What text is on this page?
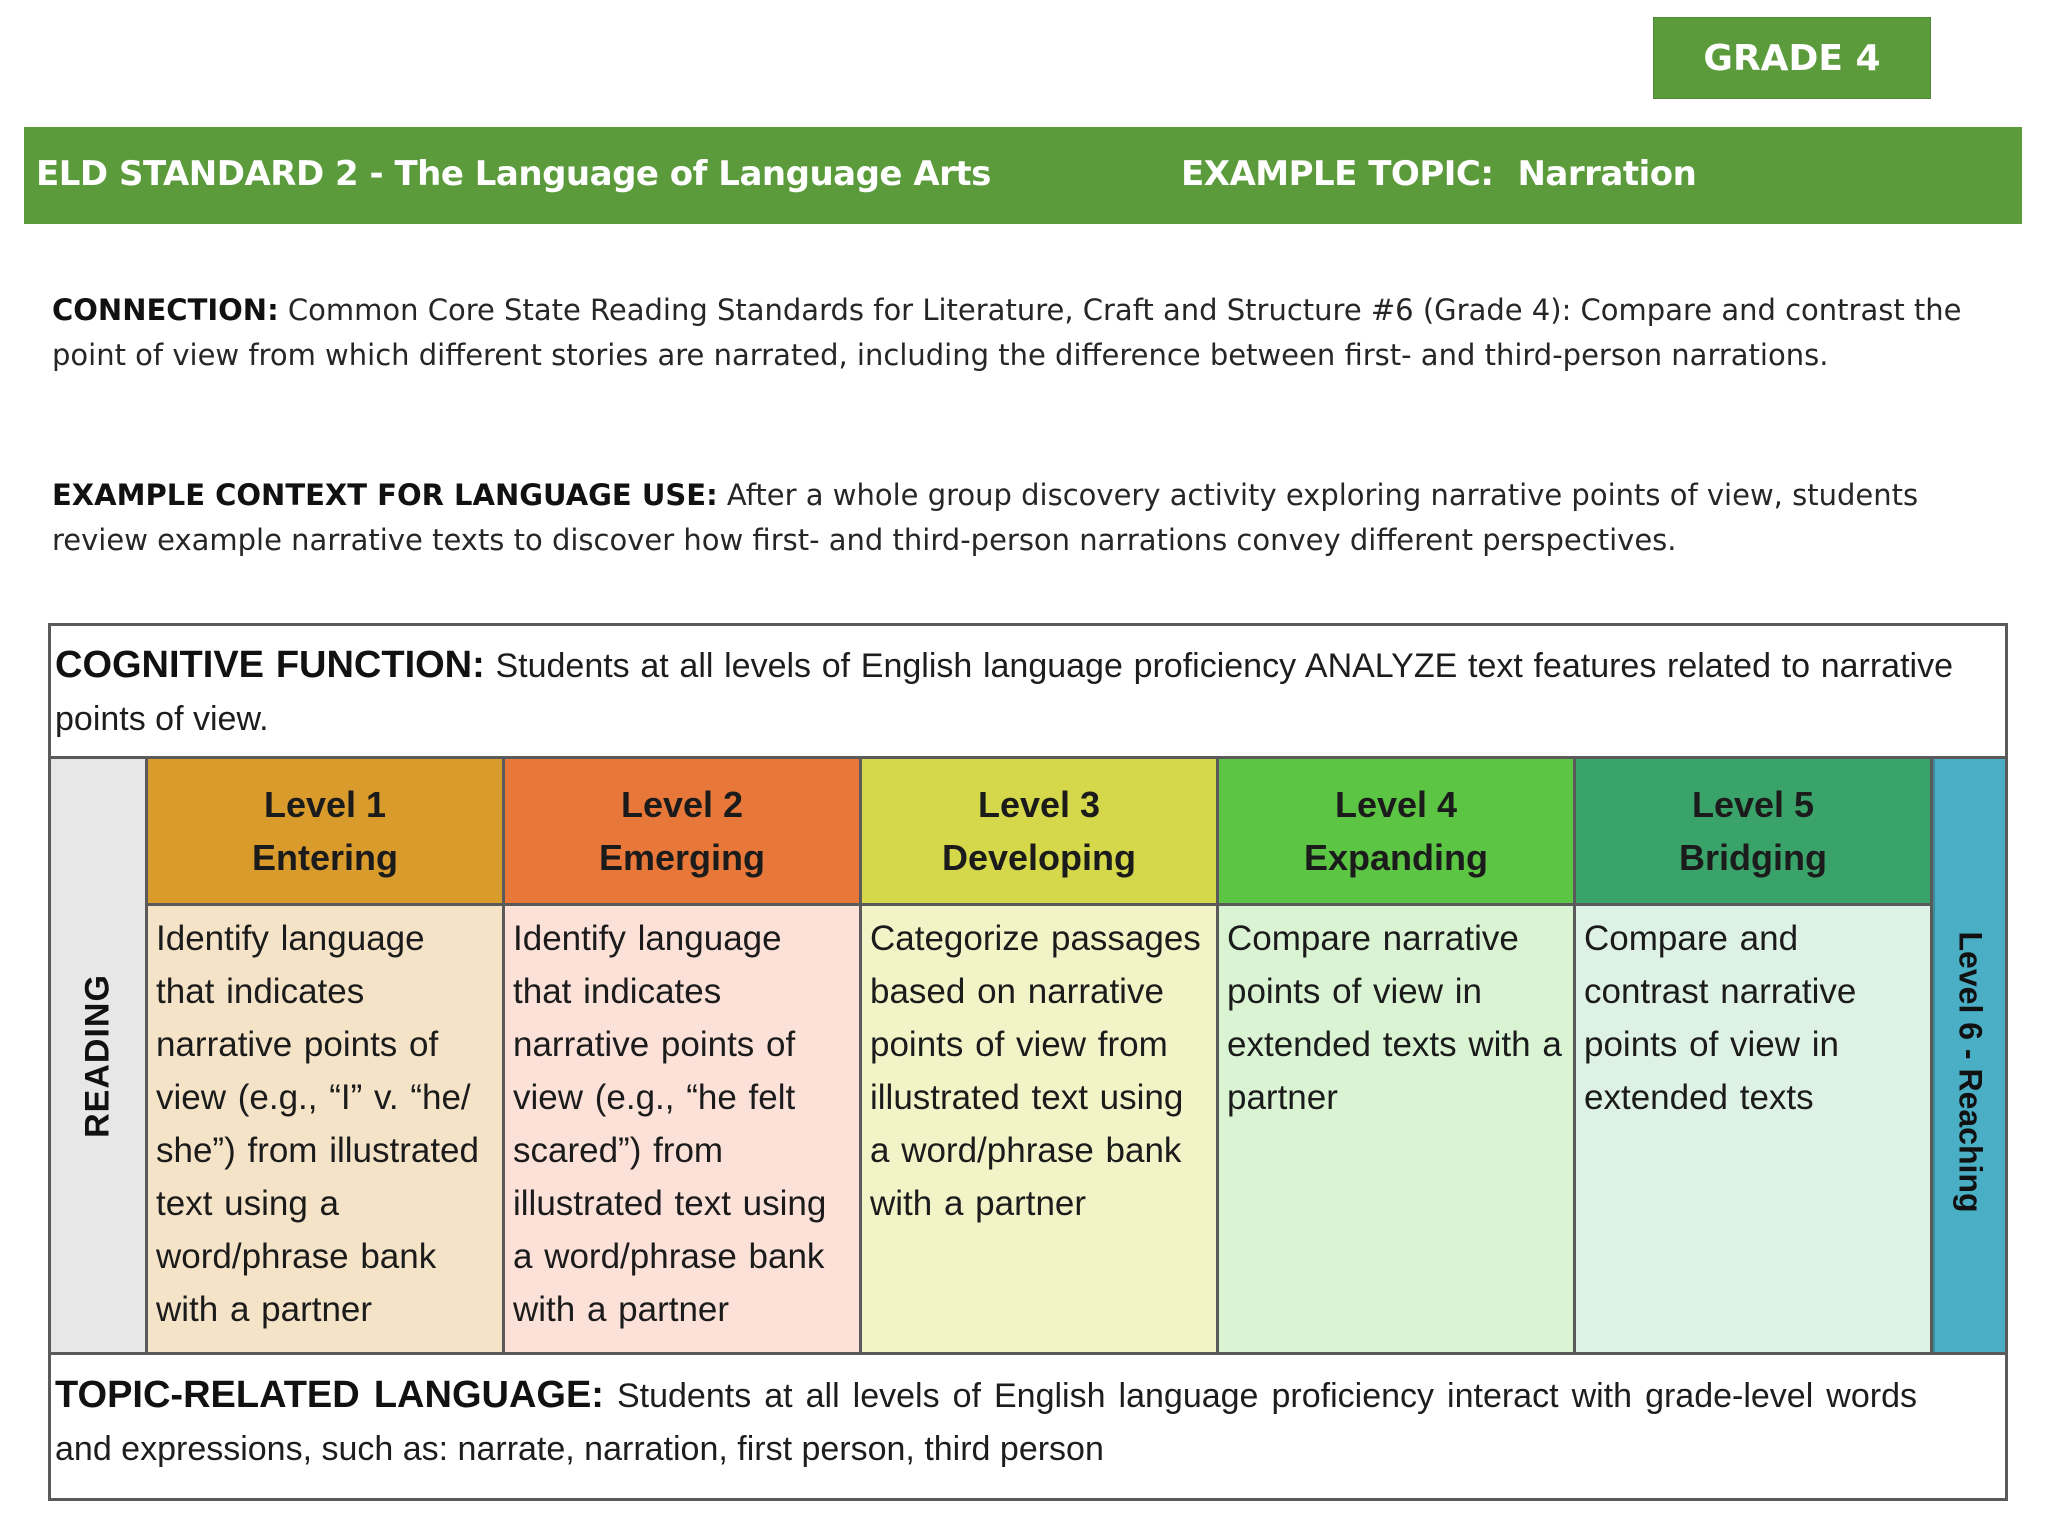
GRADE 4
ELD STANDARD 2 - The Language of Language Arts	EXAMPLE TOPIC: Narration
CONNECTION: Common Core State Reading Standards for Literature, Craft and Structure #6 (Grade 4): Compare and contrast the point of view from which different stories are narrated, including the difference between first- and third-person narrations.
EXAMPLE CONTEXT FOR LANGUAGE USE: After a whole group discovery activity exploring narrative points of view, students review example narrative texts to discover how first- and third-person narrations convey different perspectives.
COGNITIVE FUNCTION: Students at all levels of English language proficiency ANALYZE text features related to narrative points of view.
READING
Level 1
Entering
Level 2
Emerging
Level 3
Developing
Level 4
Expanding
Level 5
Bridging
Identify language that indicates narrative points of view (e.g., “I” v. “he/ she”) from illustrated text using a word/phrase bank with a partner
Identify language that indicates narrative points of view (e.g., “he felt scared”) from illustrated text using a word/phrase bank with a partner
Categorize passages based on narrative points of view from illustrated text using a word/phrase bank with a partner
Compare narrative points of view in extended texts with a partner
Compare and contrast narrative points of view in extended texts	Level 6 - Reaching
TOPIC-RELATED LANGUAGE: Students at all levels of English language proficiency interact with grade-level words and expressions, such as: narrate, narration, first person, third person
